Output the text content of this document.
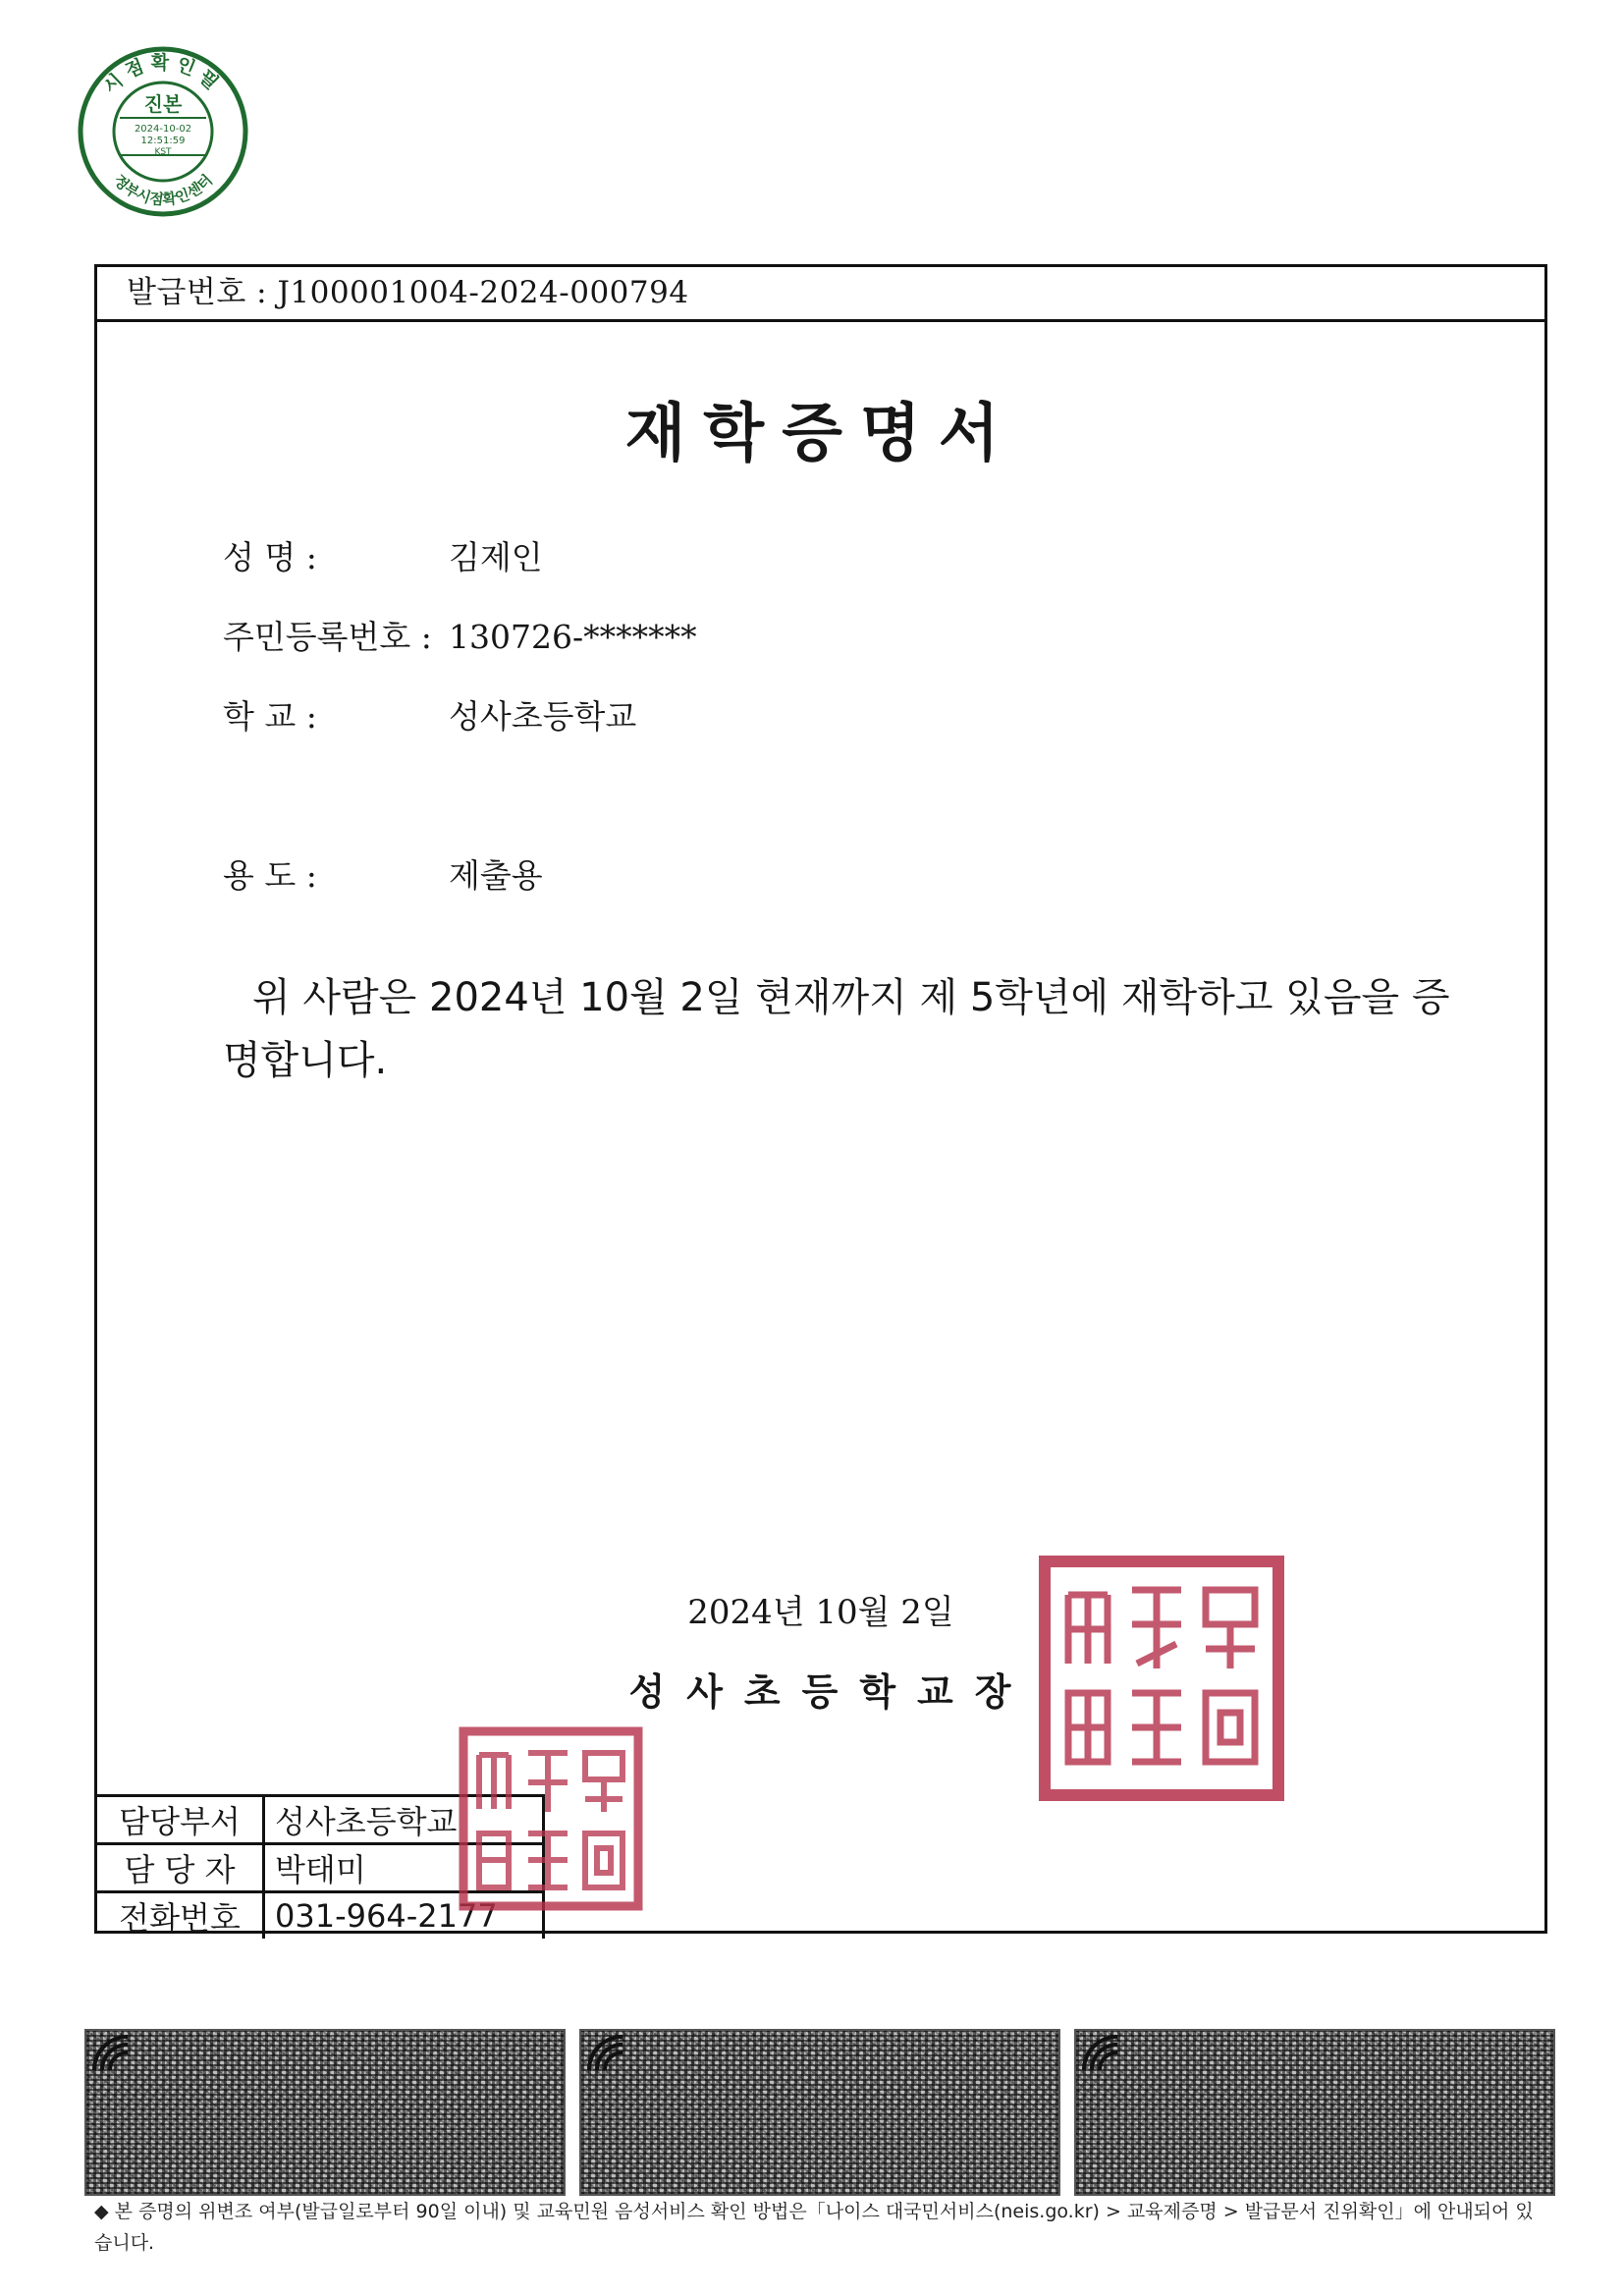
시점확인필
정부시점확인센터
진본
2024-10-02
12:51:59
KST
발급번호 : J100001004-2024-000794
재학증명서
성 명 :	김제인
주민등록번호 : 130726-*******
학 교 :	성사초등학교
용 도 :	제출용
위 사람은 2024년 10월 2일 현재까지 제 5학년에 재학하고 있음을 증명합니다.
2024년 10월 2일
성사초등학교장
담당부서	성사초등학교
담 당 자	박태미
전화번호	031-964-2177
◆ 본 증명의 위변조 여부(발급일로부터 90일 이내) 및 교육민원 음성서비스 확인 방법은「나이스 대국민서비스(neis.go.kr) > 교육제증명 > 발급문서 진위확인」에 안내되어 있습니다.
